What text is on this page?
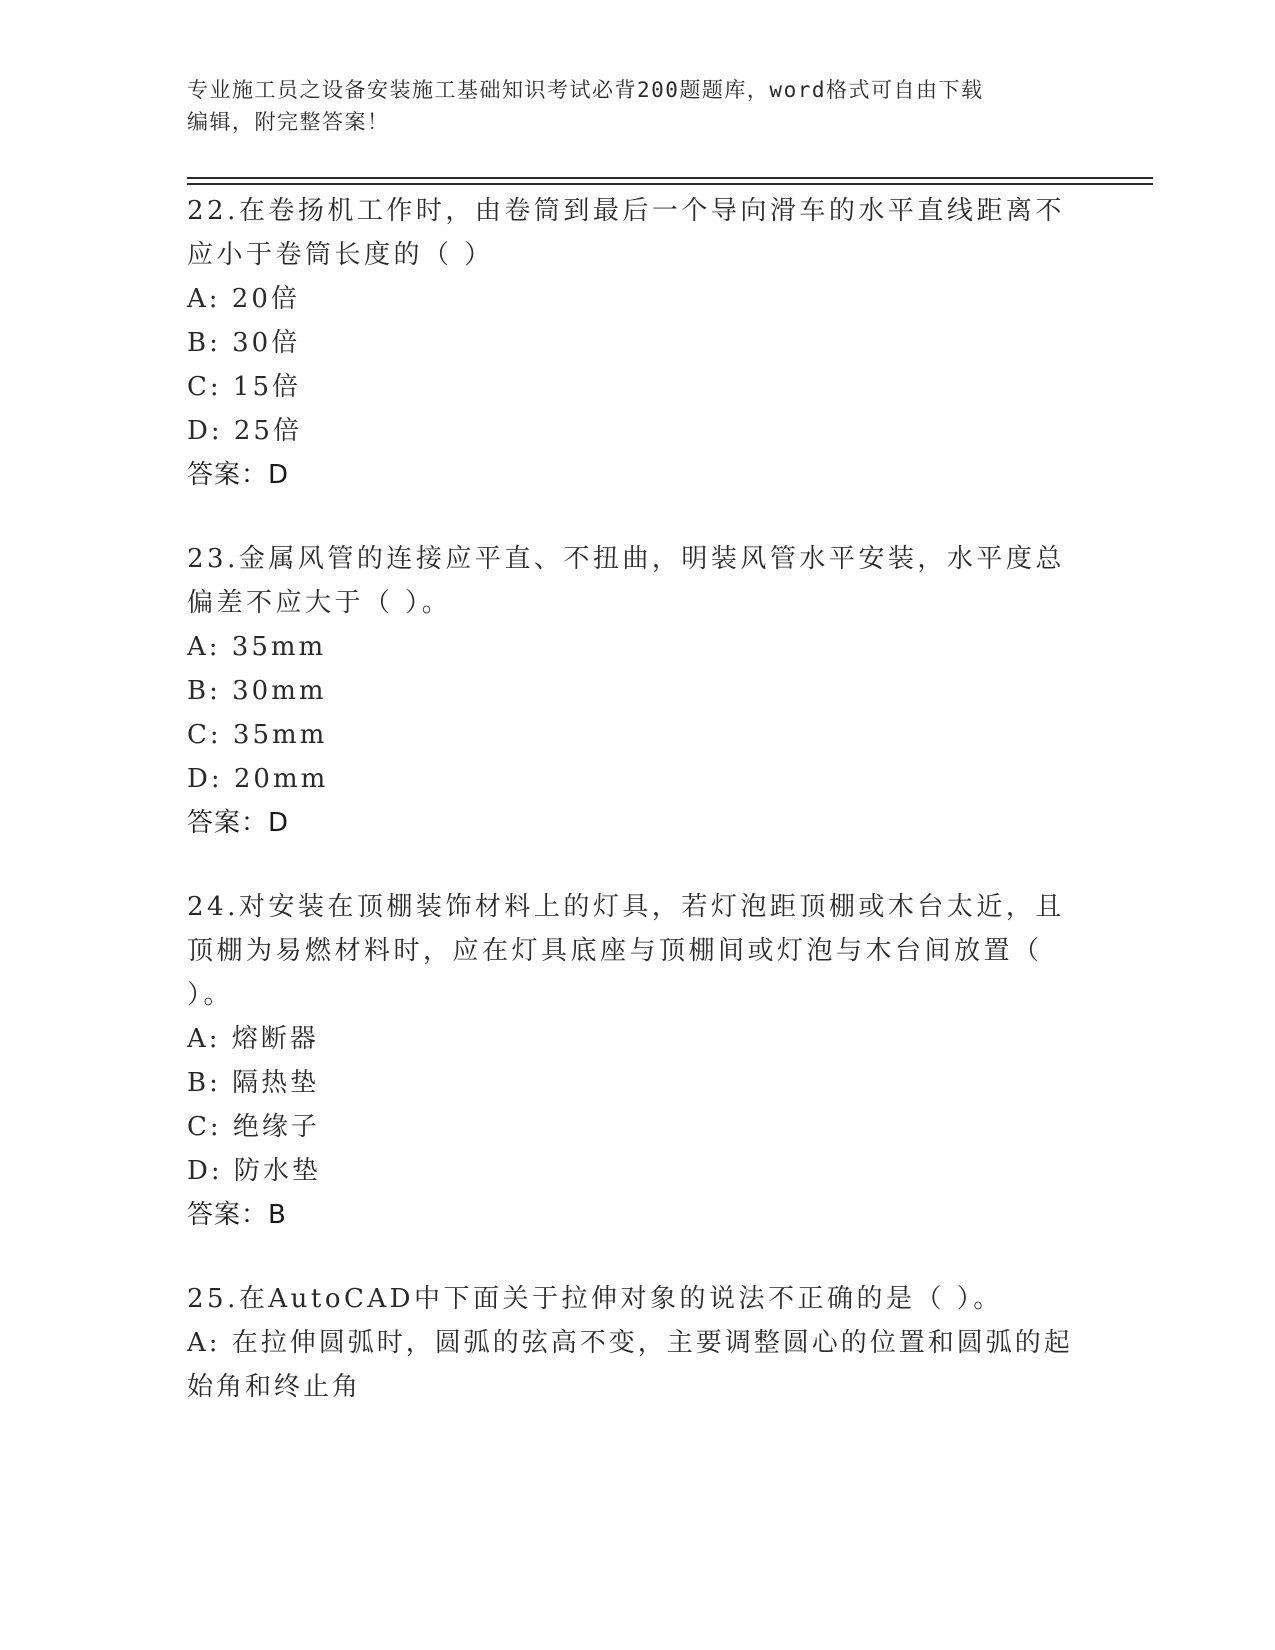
专业施工员之设备安装施工基础知识考试必背200题题库，word格式可自由下载
编辑，附完整答案！

22.在卷扬机工作时，由卷筒到最后一个导向滑车的水平直线距离不应小于卷筒长度的（ ）

A: 20倍

B: 30倍

C: 15倍

D: 25倍

答案：D

23.金属风管的连接应平直、不扭曲，明装风管水平安装，水平度总偏差不应大于（ ）。

A: 35mm

B: 30mm

C: 35mm

D: 20mm

答案：D

24.对安装在顶棚装饰材料上的灯具，若灯泡距顶棚或木台太近，且顶棚为易燃材料时，应在灯具底座与顶棚间或灯泡与木台间放置（ ）。

A: 熔断器

B: 隔热垫

C: 绝缘子

D: 防水垫

答案：B

25.在AutoCAD中下面关于拉伸对象的说法不正确的是（ ）。

A: 在拉伸圆弧时，圆弧的弦高不变，主要调整圆心的位置和圆弧的起始角和终止角
